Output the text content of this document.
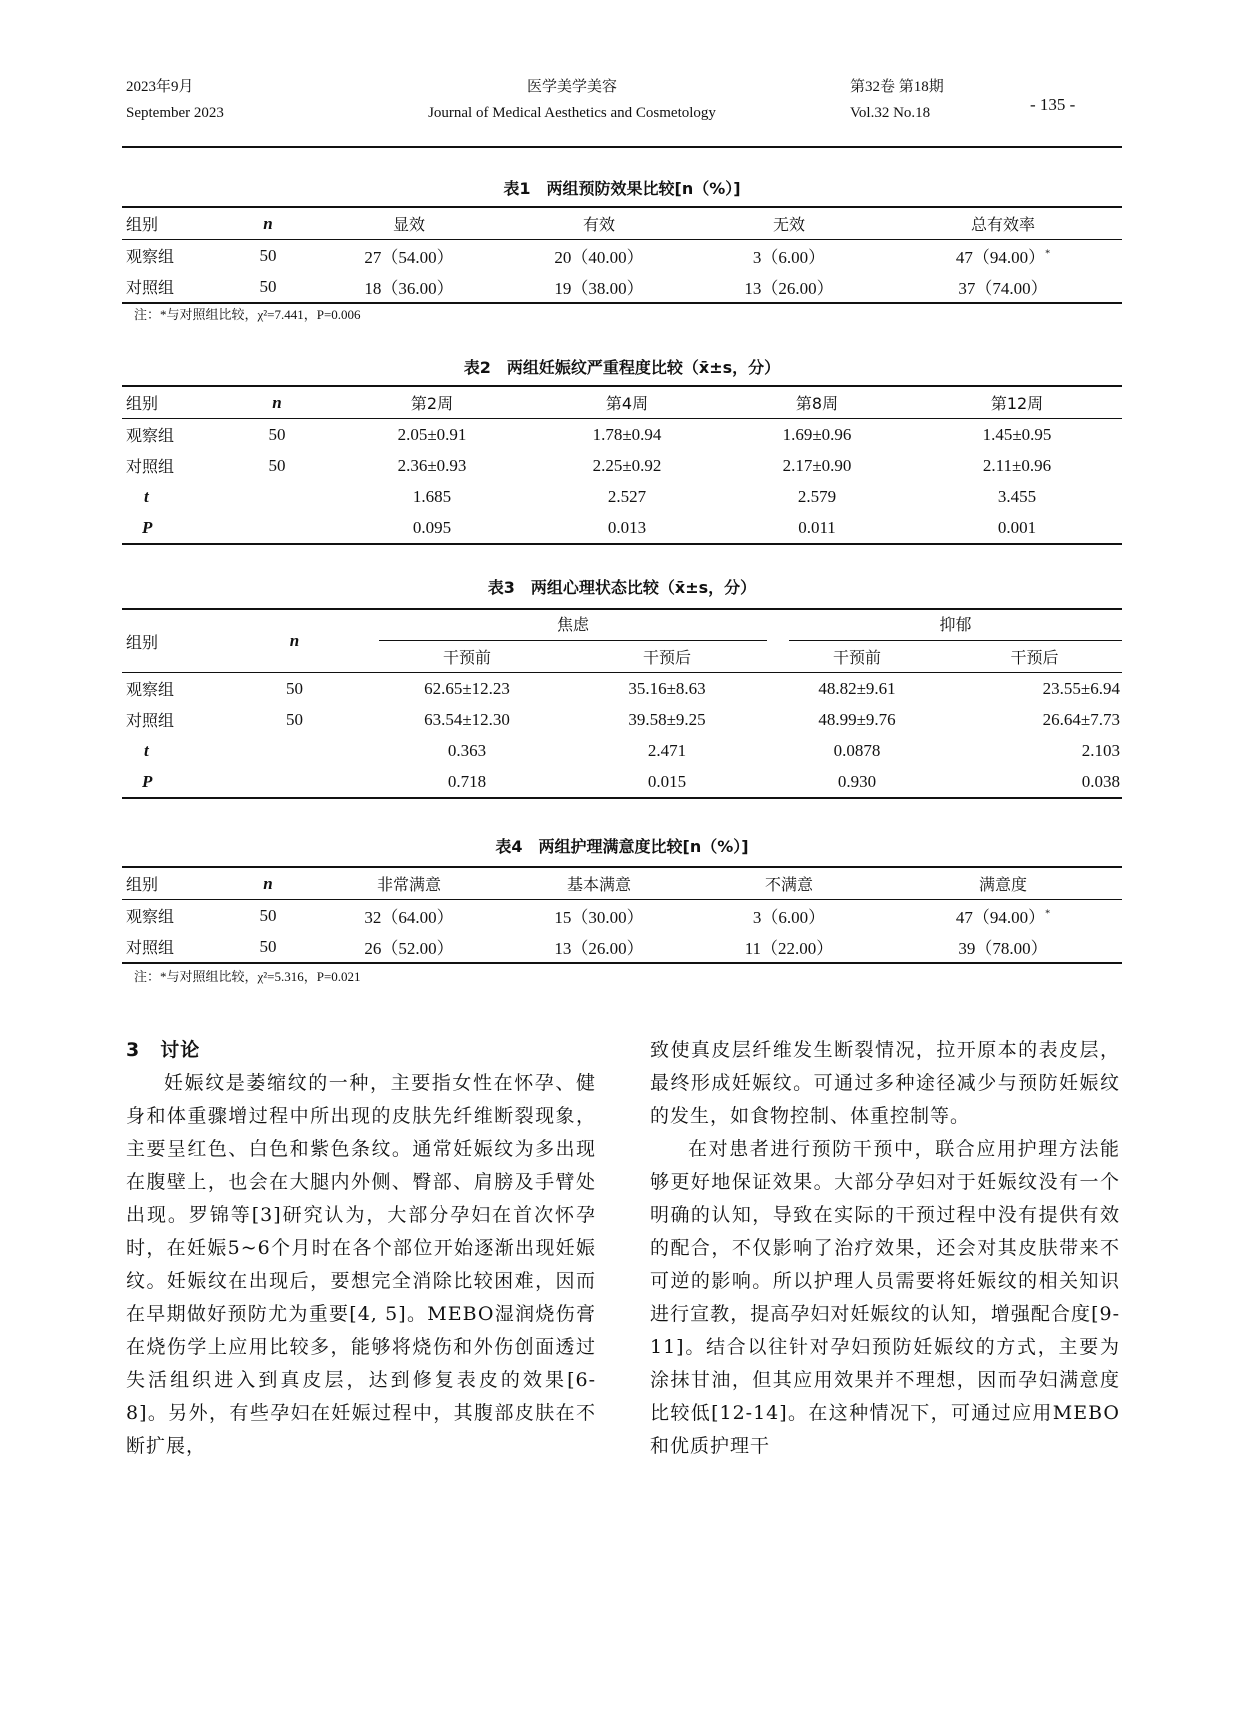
2023年9月
September 2023
医学美学美容
Journal of Medical Aesthetics and Cosmetology
第32卷 第18期
Vol.32 No.18	- 135 -
表1　两组预防效果比较[n（%）]
组别	n	显效	有效	无效	总有效率
观察组	50	27（54.00）	20（40.00）	3（6.00）	47（94.00）*
对照组	50	18（36.00）	19（38.00）	13（26.00）	37（74.00）
注：*与对照组比较，χ²=7.441，P=0.006
表2　两组妊娠纹严重程度比较（x̄±s，分）
组别	n	第2周	第4周	第8周	第12周
观察组	50	2.05±0.91	1.78±0.94	1.69±0.96	1.45±0.95
对照组	50	2.36±0.93	2.25±0.92	2.17±0.90	2.11±0.96
t		1.685	2.527	2.579	3.455
P		0.095	0.013	0.011	0.001
表3　两组心理状态比较（x̄±s，分）
组别	n	焦虑		抑郁	

		干预前	干预后	干预前	干预后
观察组	50	62.65±12.23	35.16±8.63	48.82±9.61	23.55±6.94
对照组	50	63.54±12.30	39.58±9.25	48.99±9.76	26.64±7.73
t		0.363	2.471	0.0878	2.103
P		0.718	0.015	0.930	0.038
表4　两组护理满意度比较[n（%）]
组别	n	非常满意	基本满意	不满意	满意度
观察组	50	32（64.00）	15（30.00）	3（6.00）	47（94.00）*
对照组	50	26（52.00）	13（26.00）	11（22.00）	39（78.00）
注：*与对照组比较，χ²=5.316，P=0.021

3　讨论

妊娠纹是萎缩纹的一种，主要指女性在怀孕、健身和体重骤增过程中所出现的皮肤先纤维断裂现象，主要呈红色、白色和紫色条纹。通常妊娠纹为多出现在腹壁上，也会在大腿内外侧、臀部、肩膀及手臂处出现。罗锦等[3]研究认为，大部分孕妇在首次怀孕时，在妊娠5~6个月时在各个部位开始逐渐出现妊娠纹。妊娠纹在出现后，要想完全消除比较困难，因而在早期做好预防尤为重要[4, 5]。MEBO湿润烧伤膏在烧伤学上应用比较多，能够将烧伤和外伤创面透过失活组织进入到真皮层，达到修复表皮的效果[6-8]。另外，有些孕妇在妊娠过程中，其腹部皮肤在不断扩展，

致使真皮层纤维发生断裂情况，拉开原本的表皮层，最终形成妊娠纹。可通过多种途径减少与预防妊娠纹的发生，如食物控制、体重控制等。

在对患者进行预防干预中，联合应用护理方法能够更好地保证效果。大部分孕妇对于妊娠纹没有一个明确的认知，导致在实际的干预过程中没有提供有效的配合，不仅影响了治疗效果，还会对其皮肤带来不可逆的影响。所以护理人员需要将妊娠纹的相关知识进行宣教，提高孕妇对妊娠纹的认知，增强配合度[9-11]。结合以往针对孕妇预防妊娠纹的方式，主要为涂抹甘油，但其应用效果并不理想，因而孕妇满意度比较低[12-14]。在这种情况下，可通过应用MEBO和优质护理干
